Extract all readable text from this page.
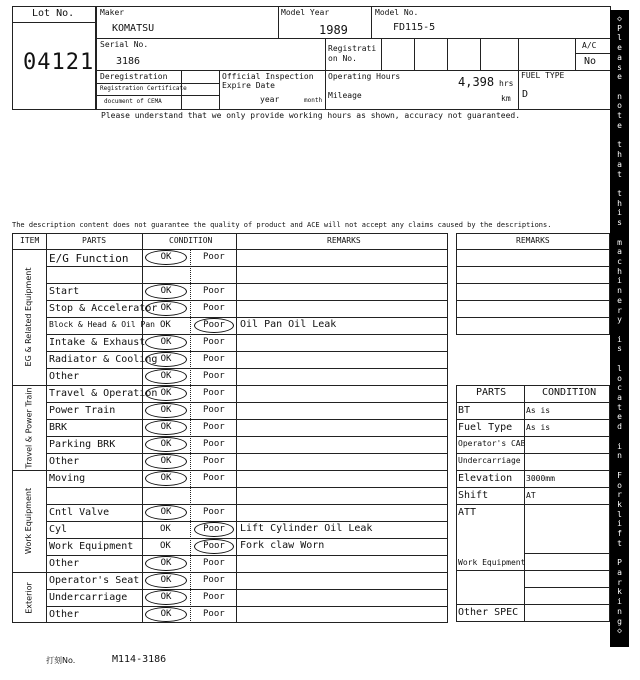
Lot No.
04121
Maker
KOMATSU
Model Year
1989
Model No.
FD115-5
Serial No.
3186
Registrati
on No.
A/C
No
Deregistration
Registration Certificate
document of CEMA
Official Inspection
Expire Date
year	month
Operating Hours	4,398 hrs
Mileage	km
FUEL TYPE
D
Please understand that we only provide working hours as shown, accuracy not guaranteed.
The description content does not guarantee the quality of product and ACE will not accept any claims caused by the descriptions.
◇
P
l
e
a
s
e

n
o
t
e

t
h
a
t

t
h
i
s

m
a
c
h
i
n
e
r
y

i
s

l
o
c
a
t
e
d

i
n

F
o
r
k
l
i
f
t

P
a
r
k
i
n
g
◇

ITEM	PARTS	CONDITION	REMARKS
EG & Related Equipment
E/G Function	OK	Poor
Start	OK	Poor
Stop & Accelerator OK	Poor
Block & Head & Oil Pan OK	Poor	Oil Pan Oil Leak
Intake & Exhaust	OK	Poor
Radiator & Cooling OK	Poor
Other	OK	Poor
Travel & Power Train Travel & Operation OK	Poor
Power Train	OK	Poor
BRK	OK	Poor
Parking BRK	OK	Poor
Other	OK	Poor
Work Equipment
Moving	OK	Poor
Cntl Valve	OK	Poor
Cyl	OK	Poor	Lift Cylinder Oil Leak
Work Equipment	OK	Poor	Fork claw Worn
Other	OK	Poor
Exterior
Operator's Seat	OK	Poor
Undercarriage	OK	Poor
Other	OK	Poor
REMARKS
PARTS	CONDITION
BT	As is
Fuel Type As is
Operator's CAB
Undercarriage
Elevation 3000mm
Shift	AT
ATT
Work Equipment
Other SPEC
打刻No.	M114-3186
